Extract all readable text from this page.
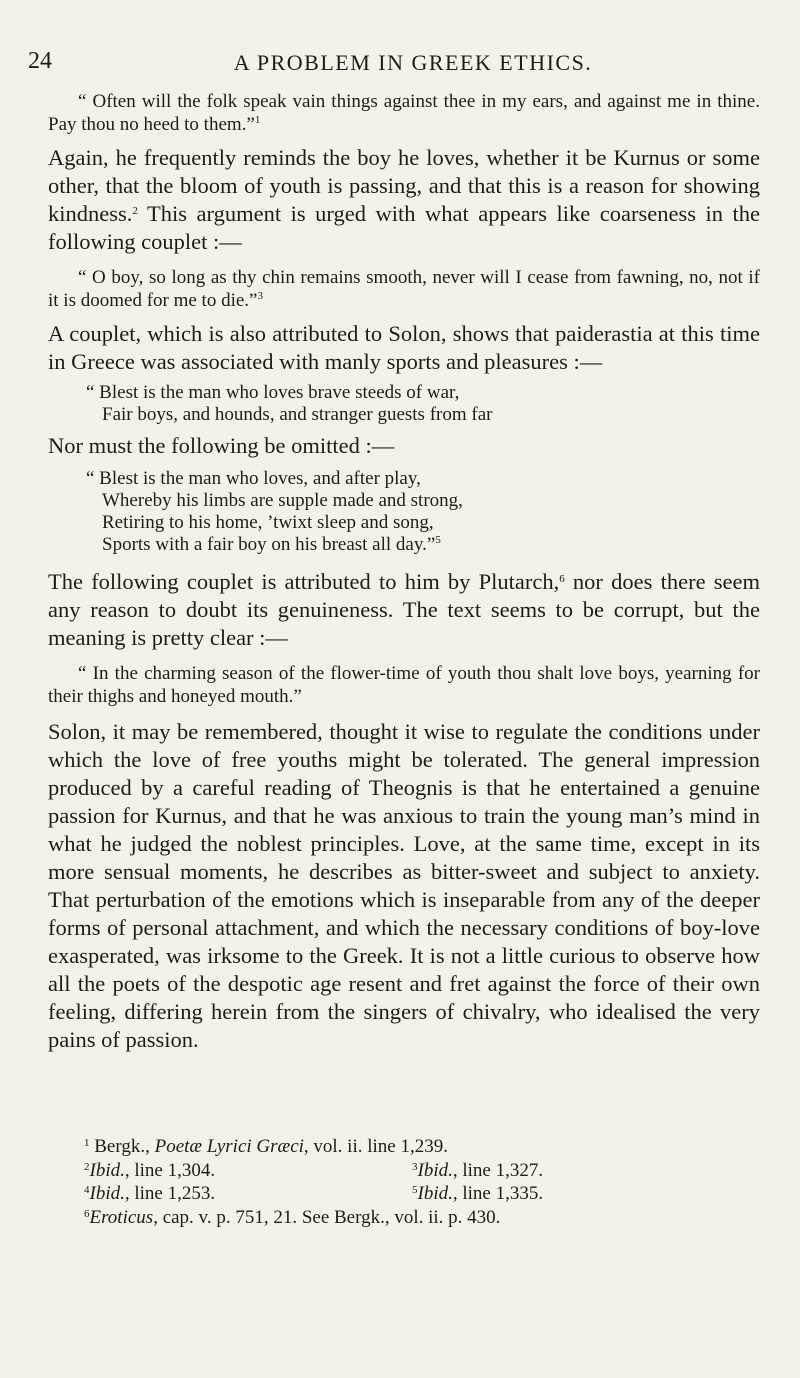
24	A PROBLEM IN GREEK ETHICS.

“ Often will the folk speak vain things against thee in my ears, and against me in thine. Pay thou no heed to them.”$^1$

Again, he frequently reminds the boy he loves, whether it be Kurnus or some other, that the bloom of youth is passing, and that this is a reason for showing kindness.$^2$ This argument is urged with what appears like coarseness in the following couplet :—

“ O boy, so long as thy chin remains smooth, never will I cease from fawning, no, not if it is doomed for me to die.”$^3$

A couplet, which is also attributed to Solon, shows that paiderastia at this time in Greece was associated with manly sports and pleasures :—

“ Blest is the man who loves brave steeds of war,
Fair boys, and hounds, and stranger guests from far

Nor must the following be omitted :—

“ Blest is the man who loves, and after play,
Whereby his limbs are supple made and strong,
Retiring to his home, ’twixt sleep and song,
Sports with a fair boy on his breast all day.”$^5$

The following couplet is attributed to him by Plutarch,$^6$ nor does there seem any reason to doubt its genuineness. The text seems to be corrupt, but the meaning is pretty clear :—

“ In the charming season of the flower-time of youth thou shalt love boys, yearning for their thighs and honeyed mouth.”

Solon, it may be remembered, thought it wise to regulate the conditions under which the love of free youths might be tolerated. The general impression produced by a careful reading of Theognis is that he entertained a genuine passion for Kurnus, and that he was anxious to train the young man’s mind in what he judged the noblest principles. Love, at the same time, except in its more sensual moments, he describes as bitter-sweet and subject to anxiety. That perturbation of the emotions which is inseparable from any of the deeper forms of personal attachment, and which the necessary conditions of boy-love exasperated, was irksome to the Greek. It is not a little curious to observe how all the poets of the despotic age resent and fret against the force of their own feeling, differing herein from the singers of chivalry, who idealised the very pains of passion.

$^1$ Bergk., Poetæ Lyrici Græci, vol. ii. line 1,239.
$^2$Ibid., line 1,304.	$^3$Ibid., line 1,327.
$^4$Ibid., line 1,253.	$^5$Ibid., line 1,335.
$^6$Eroticus, cap. v. p. 751, 21. See Bergk., vol. ii. p. 430.
